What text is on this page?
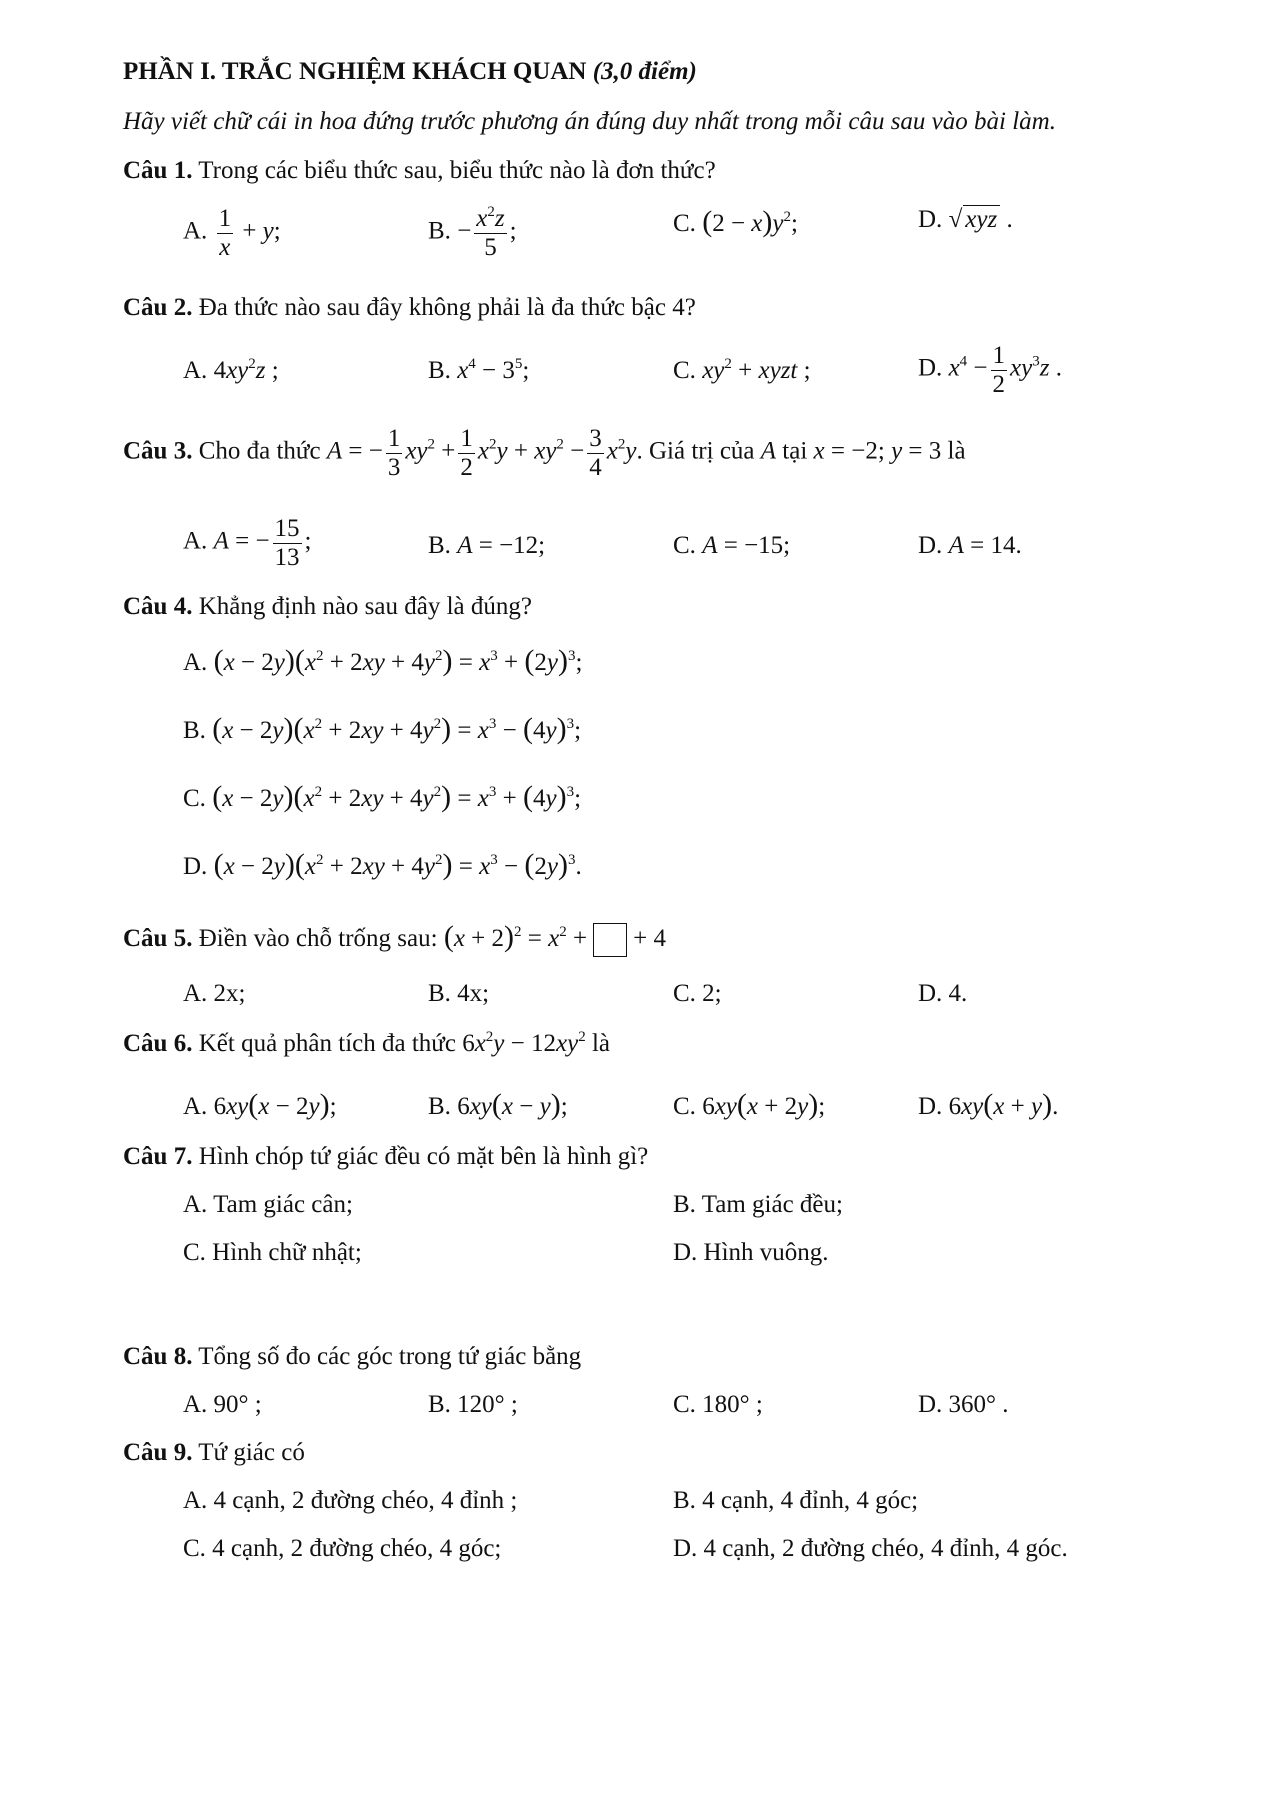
PHẦN I. TRẮC NGHIỆM KHÁCH QUAN (3,0 điểm)
Hãy viết chữ cái in hoa đứng trước phương án đúng duy nhất trong mỗi câu sau vào bài làm.
Câu 1. Trong các biểu thức sau, biểu thức nào là đơn thức?
A. $\frac{1}{x} + y$;	B. − $\frac{x^2z}{5}$ ;	C. $(2 - x)y^2$;	D. √ xyz .
Câu 2. Đa thức nào sau đây không phải là đa thức bậc 4?
A. $4xy^2z$ ;	B. $x^4 - 3^5$;	C. $xy^2$ + xyzt ;	D. $x^4 - \frac{1}{2} xy^3z$ .
Câu 3. Cho đa thức A = − $\frac{1}{3} xy^2 + \frac{1}{2} x^2y + xy^2 - \frac{3}{4} x^2y$. Giá trị của A tại x = −2; y = 3 là
A. A = − $\frac{15}{13}$ ;	B. A = −12;	C. A = −15;	D. A = 14.
Câu 4. Khẳng định nào sau đây là đúng?
A. $(x - 2y)(x^2 + 2xy + 4y^2) = x^3 + (2y)^3$;
B. $(x - 2y)(x^2 + 2xy + 4y^2) = x^3 - (4y)^3$;
C. $(x - 2y)(x^2 + 2xy + 4y^2) = x^3 + (4y)^3$;
D. $(x - 2y)(x^2 + 2xy + 4y^2) = x^3 - (2y)^3$.
Câu 5. Điền vào chỗ trống sau: $(x + 2)^2 = x^2$ + + 4
A. 2x;	B. 4x;	C. 2;	D. 4.
Câu 6. Kết quả phân tích đa thức $6x^2y - 12xy^2$ là
A. 6xy(x − 2y);	B. 6xy(x − y);	C. 6xy(x + 2y);	D. 6xy(x + y).
Câu 7. Hình chóp tứ giác đều có mặt bên là hình gì?
A. Tam giác cân;	B. Tam giác đều;
C. Hình chữ nhật;	D. Hình vuông.
Câu 8. Tổng số đo các góc trong tứ giác bằng
A. 90° ;	B. 120° ;	C. 180° ;	D. 360° .
Câu 9. Tứ giác có
A. 4 cạnh, 2 đường chéo, 4 đỉnh ;	B. 4 cạnh, 4 đỉnh, 4 góc;
C. 4 cạnh, 2 đường chéo, 4 góc;	D. 4 cạnh, 2 đường chéo, 4 đỉnh, 4 góc.
